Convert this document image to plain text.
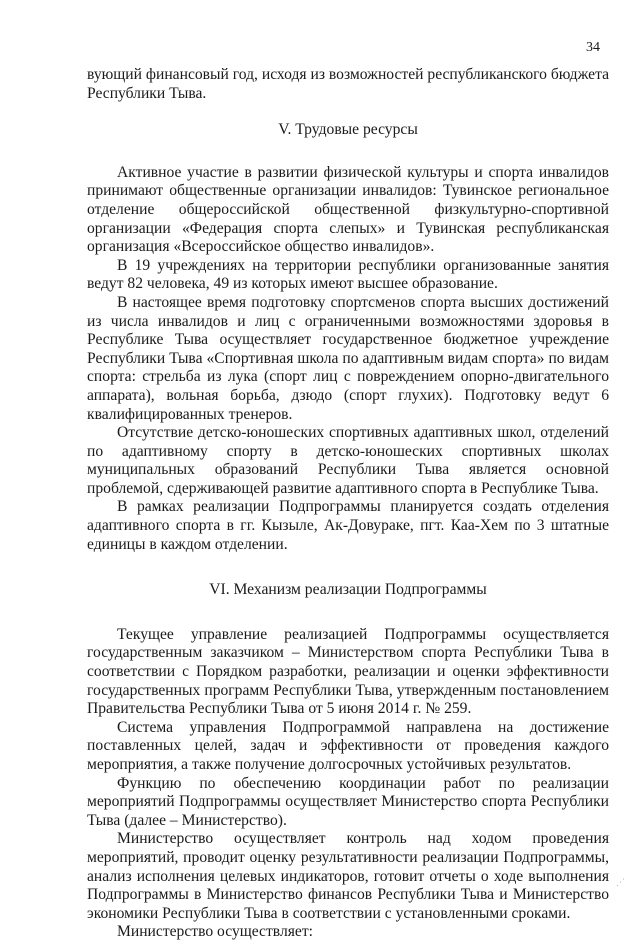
34

вующий финансовый год, исходя из возможностей республиканского бюджета Республики Тыва.

V. Трудовые ресурсы

Активное участие в развитии физической культуры и спорта инвалидов принимают общественные организации инвалидов: Тувинское региональное отделение общероссийской общественной физкультурно-спортивной организации «Федерация спорта слепых» и Тувинская республиканская организация «Всероссийское общество инвалидов».

В 19 учреждениях на территории республики организованные занятия ведут 82 человека, 49 из которых имеют высшее образование.

В настоящее время подготовку спортсменов спорта высших достижений из числа инвалидов и лиц с ограниченными возможностями здоровья в Республике Тыва осуществляет государственное бюджетное учреждение Республики Тыва «Спортивная школа по адаптивным видам спорта» по видам спорта: стрельба из лука (спорт лиц с повреждением опорно-двигательного аппарата), вольная борьба, дзюдо (спорт глухих). Подготовку ведут 6 квалифицированных тренеров.

Отсутствие детско-юношеских спортивных адаптивных школ, отделений по адаптивному спорту в детско-юношеских спортивных школах муниципальных образований Республики Тыва является основной проблемой, сдерживающей развитие адаптивного спорта в Республике Тыва.

В рамках реализации Подпрограммы планируется создать отделения адаптивного спорта в гг. Кызыле, Ак-Довураке, пгт. Каа-Хем по 3 штатные единицы в каждом отделении.

VI. Механизм реализации Подпрограммы

Текущее управление реализацией Подпрограммы осуществляется государственным заказчиком – Министерством спорта Республики Тыва в соответствии с Порядком разработки, реализации и оценки эффективности государственных программ Республики Тыва, утвержденным постановлением Правительства Республики Тыва от 5 июня 2014 г. № 259.

Система управления Подпрограммой направлена на достижение поставленных целей, задач и эффективности от проведения каждого мероприятия, а также получение долгосрочных устойчивых результатов.

Функцию по обеспечению координации работ по реализации мероприятий Подпрограммы осуществляет Министерство спорта Республики Тыва (далее – Министерство).

Министерство осуществляет контроль над ходом проведения мероприятий, проводит оценку результативности реализации Подпрограммы, анализ исполнения целевых индикаторов, готовит отчеты о ходе выполнения Подпрограммы в Министерство финансов Республики Тыва и Министерство экономики Республики Тыва в соответствии с установленными сроками.

Министерство осуществляет:

⋰
